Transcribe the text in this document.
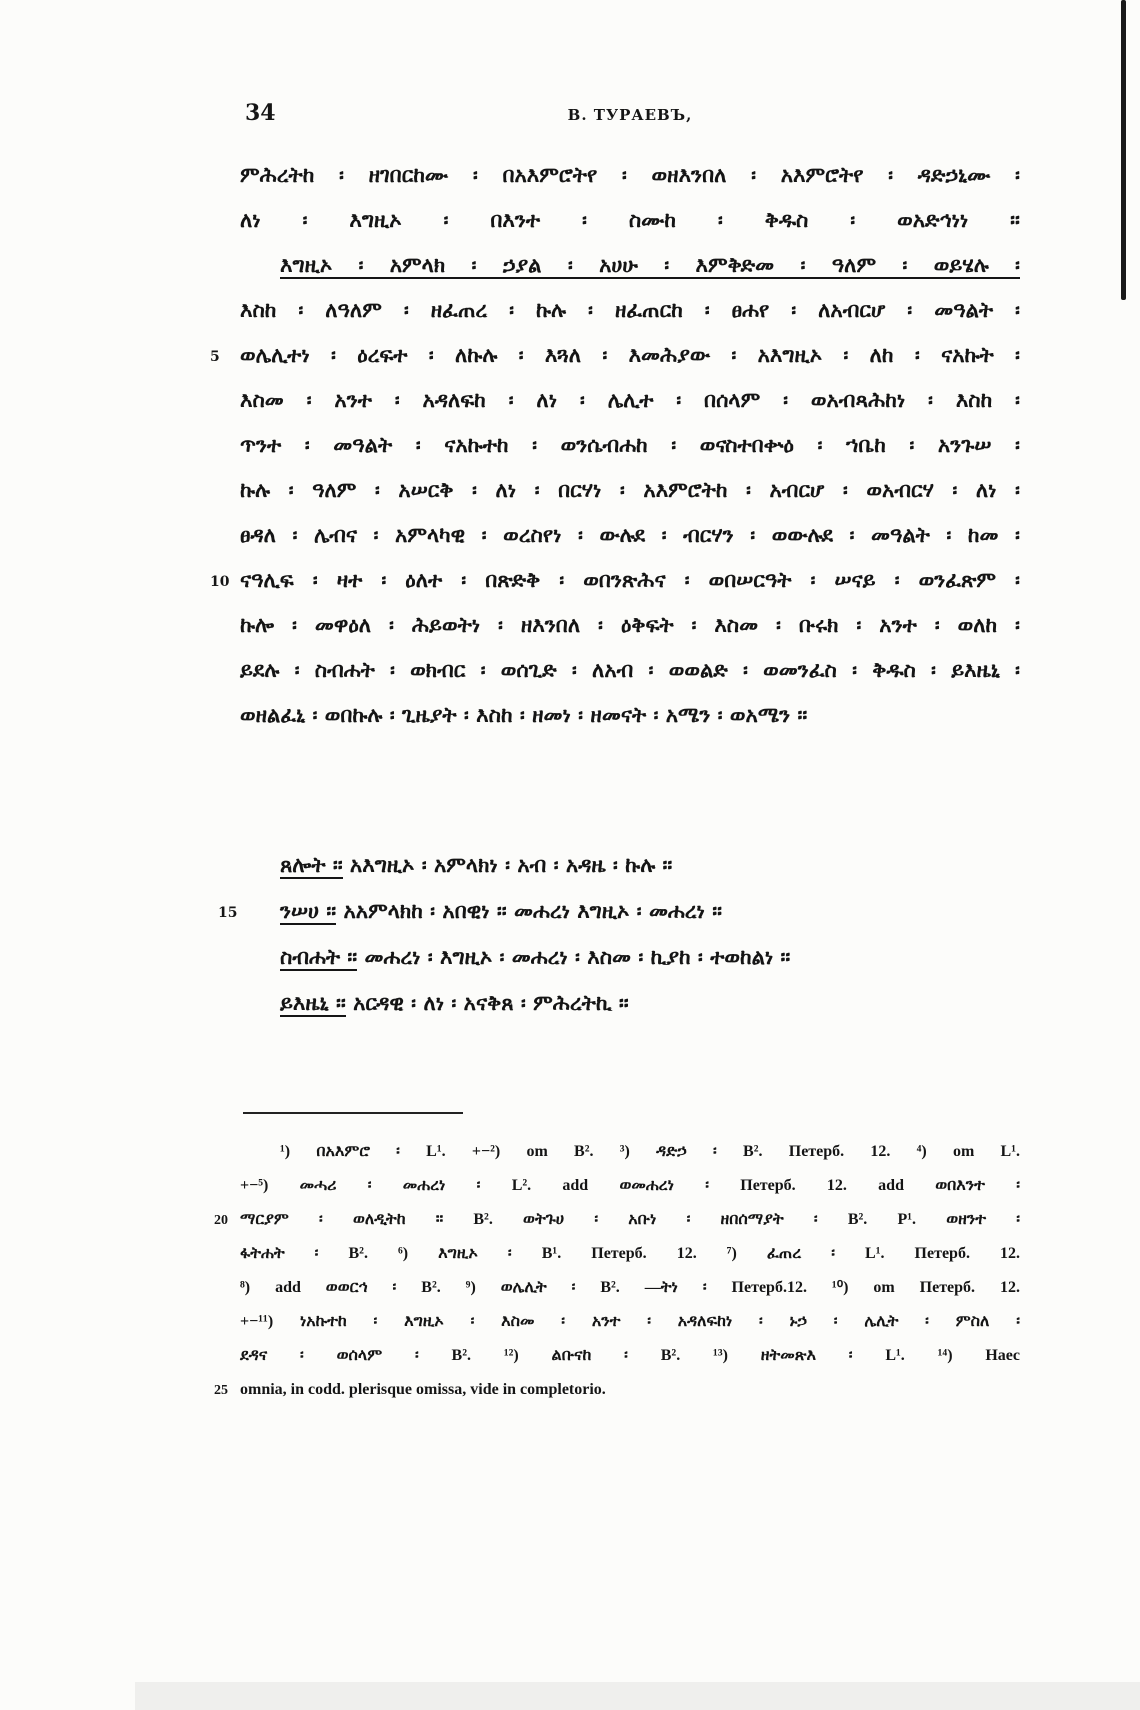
34	B. ТУРАЕВЪ,
ምሕረትከ ፡ ዘገበርከሙ ፡ በአእምሮትየ ፡ ወዘእንበለ ፡ አእምሮትየ ፡ ዳድኃኒሙ ፡
ለነ ፡ እግዚኦ ፡ በእንተ ፡ ስሙከ ፡ ቅዱስ ፡ ወአድኅነነ ።
እግዚኦ ፡ አምላክ ፡ ኃያል ፡ አሀሁ ፡ እምቅድመ ፡ ዓለም ፡ ወይሄሉ ፡
እስከ ፡ ለዓለም ፡ ዘፈጠረ ፡ ኩሉ ፡ ዘፈጠርከ ፡ ፀሐየ ፡ ለአብርሆ ፡ መዓልት ፡
5 ወሌሊተነ ፡ ዕረፍተ ፡ ለኩሉ ፡ እጓለ ፡ እመሕያው ፡ አእግዚኦ ፡ ለከ ፡ ናአኩት ፡
እስመ ፡ አንተ ፡ አዳለፍከ ፡ ለነ ፡ ሌሊተ ፡ በሰላም ፡ ወአብጻሕከነ ፡ እስከ ፡
ጥንተ ፡ መዓልት ፡ ናአኩተከ ፡ ወንሴብሐከ ፡ ወናስተበቍዕ ፡ ኀቤከ ፡ አንጉሠ ፡
ኩሉ ፡ ዓለም ፡ አሠርቅ ፡ ለነ ፡ በርሃነ ፡ አእምሮትከ ፡ አብርሆ ፡ ወአብርሃ ፡ ለነ ፡
ፀዳለ ፡ ሌብና ፡ አምላካዊ ፡ ወረስየነ ፡ ውሉደ ፡ ብርሃን ፡ ወውሉደ ፡ መዓልት ፡ ከመ ፡
10 ናዓሊፍ ፡ ዛተ ፡ ዕለተ ፡ በጽድቅ ፡ ወበንጽሕና ፡ ወበሠርዓት ፡ ሠናይ ፡ ወንፈጽም ፡
ኩሎ ፡ መዋዕለ ፡ ሕይወትነ ፡ ዘእንበለ ፡ ዕቅፍት ፡ እስመ ፡ ቡሩክ ፡ አንተ ፡ ወለከ ፡
ይደሉ ፡ ስብሐት ፡ ወክብር ፡ ወሰጊድ ፡ ለአብ ፡ ወወልድ ፡ ወመንፈስ ፡ ቅዱስ ፡ ይእዜኒ ፡
ወዘልፈኒ ፡ ወበኩሉ ፡ ጊዜያት ፡ እስከ ፡ ዘመነ ፡ ዘመናት ፡ አሜን ፡ ወአሜን ።
ጸሎት ። አእግዚኦ ፡ አምላክነ ፡ አብ ፡ አዳዜ ፡ ኩሉ ።
15 ንሠሀ ። አአምላክከ ፡ አበዊነ ። መሐረነ እግዚኦ ፡ መሐረነ ።
ስብሐት ። መሐረነ ፡ እግዚኦ ፡ መሐረነ ፡ እስመ ፡ ኪያከ ፡ ተወከልነ ።
ይእዜኒ ። አርዳዊ ፡ ለነ ፡ አናቅጸ ፡ ምሕረትኪ ።
¹) በአእምሮ ፡ L¹. +−²) om B². ³) ዳድኃ ፡ B². Петерб. 12. ⁴) om L¹.
+−⁵) መሓሪ ፡ መሐረነ ፡ L². add ወመሐረነ ፡ Петерб. 12. add ወበእንተ ፡
20 ማርያም ፡ ወለዲትከ ። B². ወትጉሀ ፡ አቡነ ፡ ዘበሰማያት ፡ B². P¹. ወዘንተ ፡
ፋትሐት ፡ B². ⁶) እግዚኦ ፡ B¹. Петерб. 12. ⁷) ፈጠረ ፡ L¹. Петерб. 12.
⁸) add ወወርኅ ፡ B². ⁹) ወሌሊት ፡ B². —ትነ ፡ Петерб.12. ¹⁰) om Петерб. 12.
+−¹¹) ነአኩተከ ፡ እግዚኦ ፡ እስመ ፡ አንተ ፡ አዳለፍከነ ፡ ኑኃ ፡ ሌሊት ፡ ምስለ ፡
ደዳና ፡ ወሰላም ፡ B². ¹²) ልቡናከ ፡ B². ¹³) ዘትመጽእ ፡ L¹. ¹⁴) Haec
25 omnia, in codd. plerisque omissa, vide in completorio.
